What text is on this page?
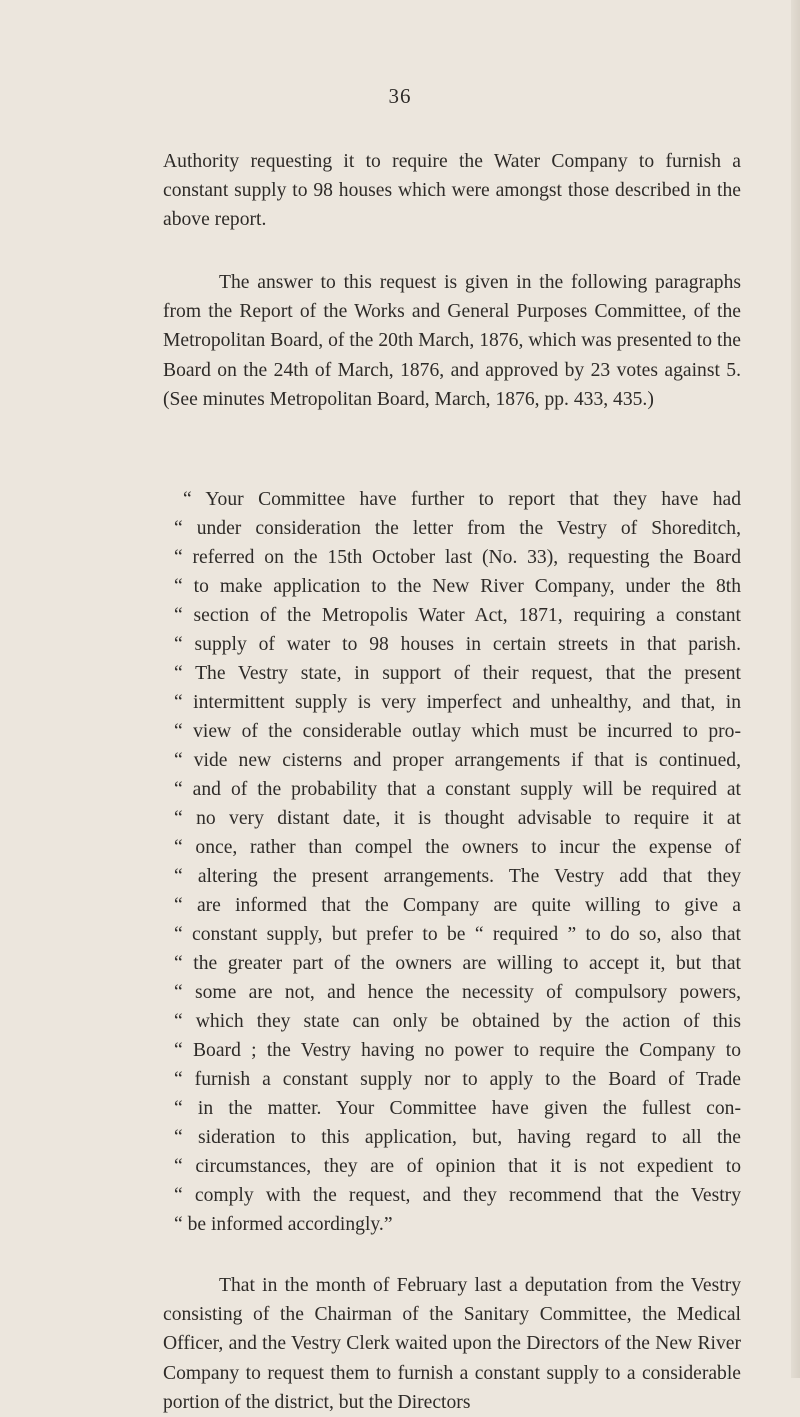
36

Authority requesting it to require the Water Company to furnish a constant supply to 98 houses which were amongst those described in the above report.

The answer to this request is given in the following paragraphs from the Report of the Works and General Purposes Committee, of the Metropolitan Board, of the 20th March, 1876, which was presented to the Board on the 24th of March, 1876, and approved by 23 votes against 5. (See minutes Metropolitan Board, March, 1876, pp. 433, 435.)

“ Your Committee have further to report that they have had

“ under consideration the letter from the Vestry of Shoreditch,

“ referred on the 15th October last (No. 33), requesting the Board

“ to make application to the New River Company, under the 8th

“ section of the Metropolis Water Act, 1871, requiring a constant

“ supply of water to 98 houses in certain streets in that parish.

“ The Vestry state, in support of their request, that the present

“ intermittent supply is very imperfect and unhealthy, and that, in

“ view of the considerable outlay which must be incurred to pro-

“ vide new cisterns and proper arrangements if that is continued,

“ and of the probability that a constant supply will be required at

“ no very distant date, it is thought advisable to require it at

“ once, rather than compel the owners to incur the expense of

“ altering the present arrangements. The Vestry add that they

“ are informed that the Company are quite willing to give a

“ constant supply, but prefer to be “ required ” to do so, also that

“ the greater part of the owners are willing to accept it, but that

“ some are not, and hence the necessity of compulsory powers,

“ which they state can only be obtained by the action of this

“ Board ; the Vestry having no power to require the Company to

“ furnish a constant supply nor to apply to the Board of Trade

“ in the matter. Your Committee have given the fullest con-

“ sideration to this application, but, having regard to all the

“ circumstances, they are of opinion that it is not expedient to

“ comply with the request, and they recommend that the Vestry

“ be informed accordingly.”

That in the month of February last a deputation from the Vestry consisting of the Chairman of the Sanitary Committee, the Medical Officer, and the Vestry Clerk waited upon the Directors of the New River Company to request them to furnish a constant supply to a considerable portion of the district, but the Directors
